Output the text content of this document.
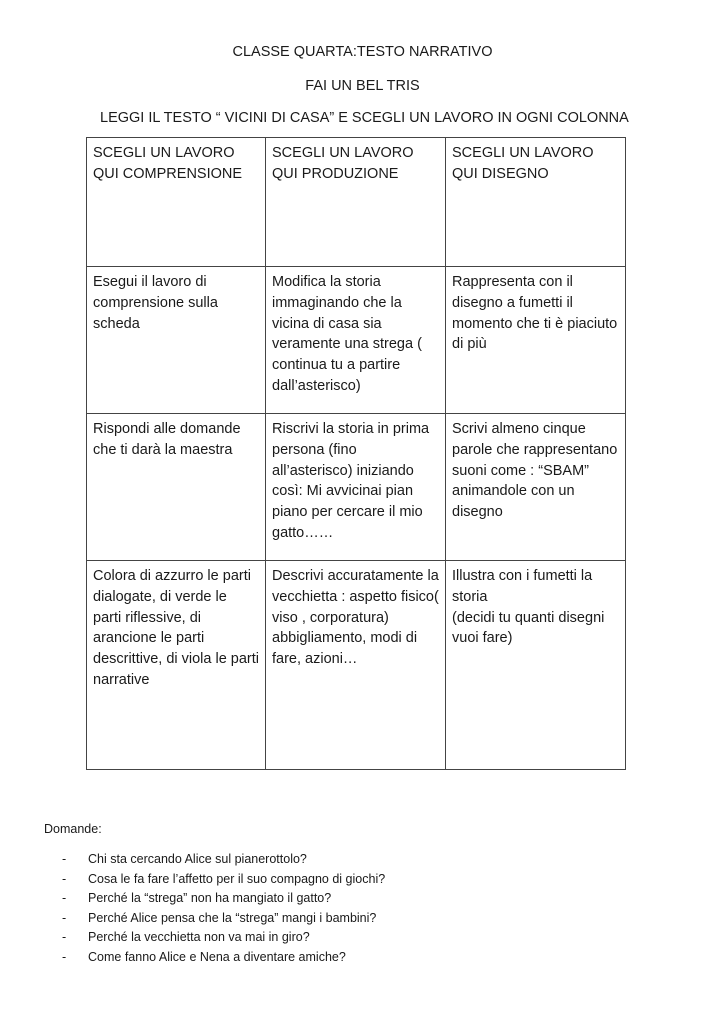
CLASSE QUARTA:TESTO NARRATIVO
FAI UN BEL TRIS
LEGGI IL TESTO “ VICINI DI CASA” E SCEGLI UN LAVORO IN OGNI COLONNA
SCEGLI UN LAVORO QUI COMPRENSIONE	SCEGLI UN LAVORO QUI PRODUZIONE	SCEGLI UN LAVORO QUI DISEGNO
Esegui il lavoro di comprensione sulla scheda	Modifica la storia immaginando che la vicina di casa sia veramente una strega ( continua tu a partire dall’asterisco)	Rappresenta con il disegno a fumetti il momento che ti è piaciuto di più
Rispondi alle domande che ti darà la maestra	Riscrivi la storia in prima persona (fino all’asterisco) iniziando così: Mi avvicinai pian piano per cercare il mio gatto……	Scrivi almeno cinque parole che rappresentano suoni come : “SBAM” animandole con un disegno
Colora di azzurro le parti dialogate, di verde le parti riflessive, di arancione le parti descrittive, di viola le parti narrative	Descrivi accuratamente la vecchietta : aspetto fisico( viso , corporatura) abbigliamento, modi di fare, azioni…	Illustra con i fumetti la storia
(decidi tu quanti disegni vuoi fare)
Domande:
- Chi sta cercando Alice sul pianerottolo?
- Cosa le fa fare l’affetto per il suo compagno di giochi?
- Perché la “strega” non ha mangiato il gatto?
- Perché Alice pensa che la “strega” mangi i bambini?
- Perché la vecchietta non va mai in giro?
- Come fanno Alice e Nena a diventare amiche?
